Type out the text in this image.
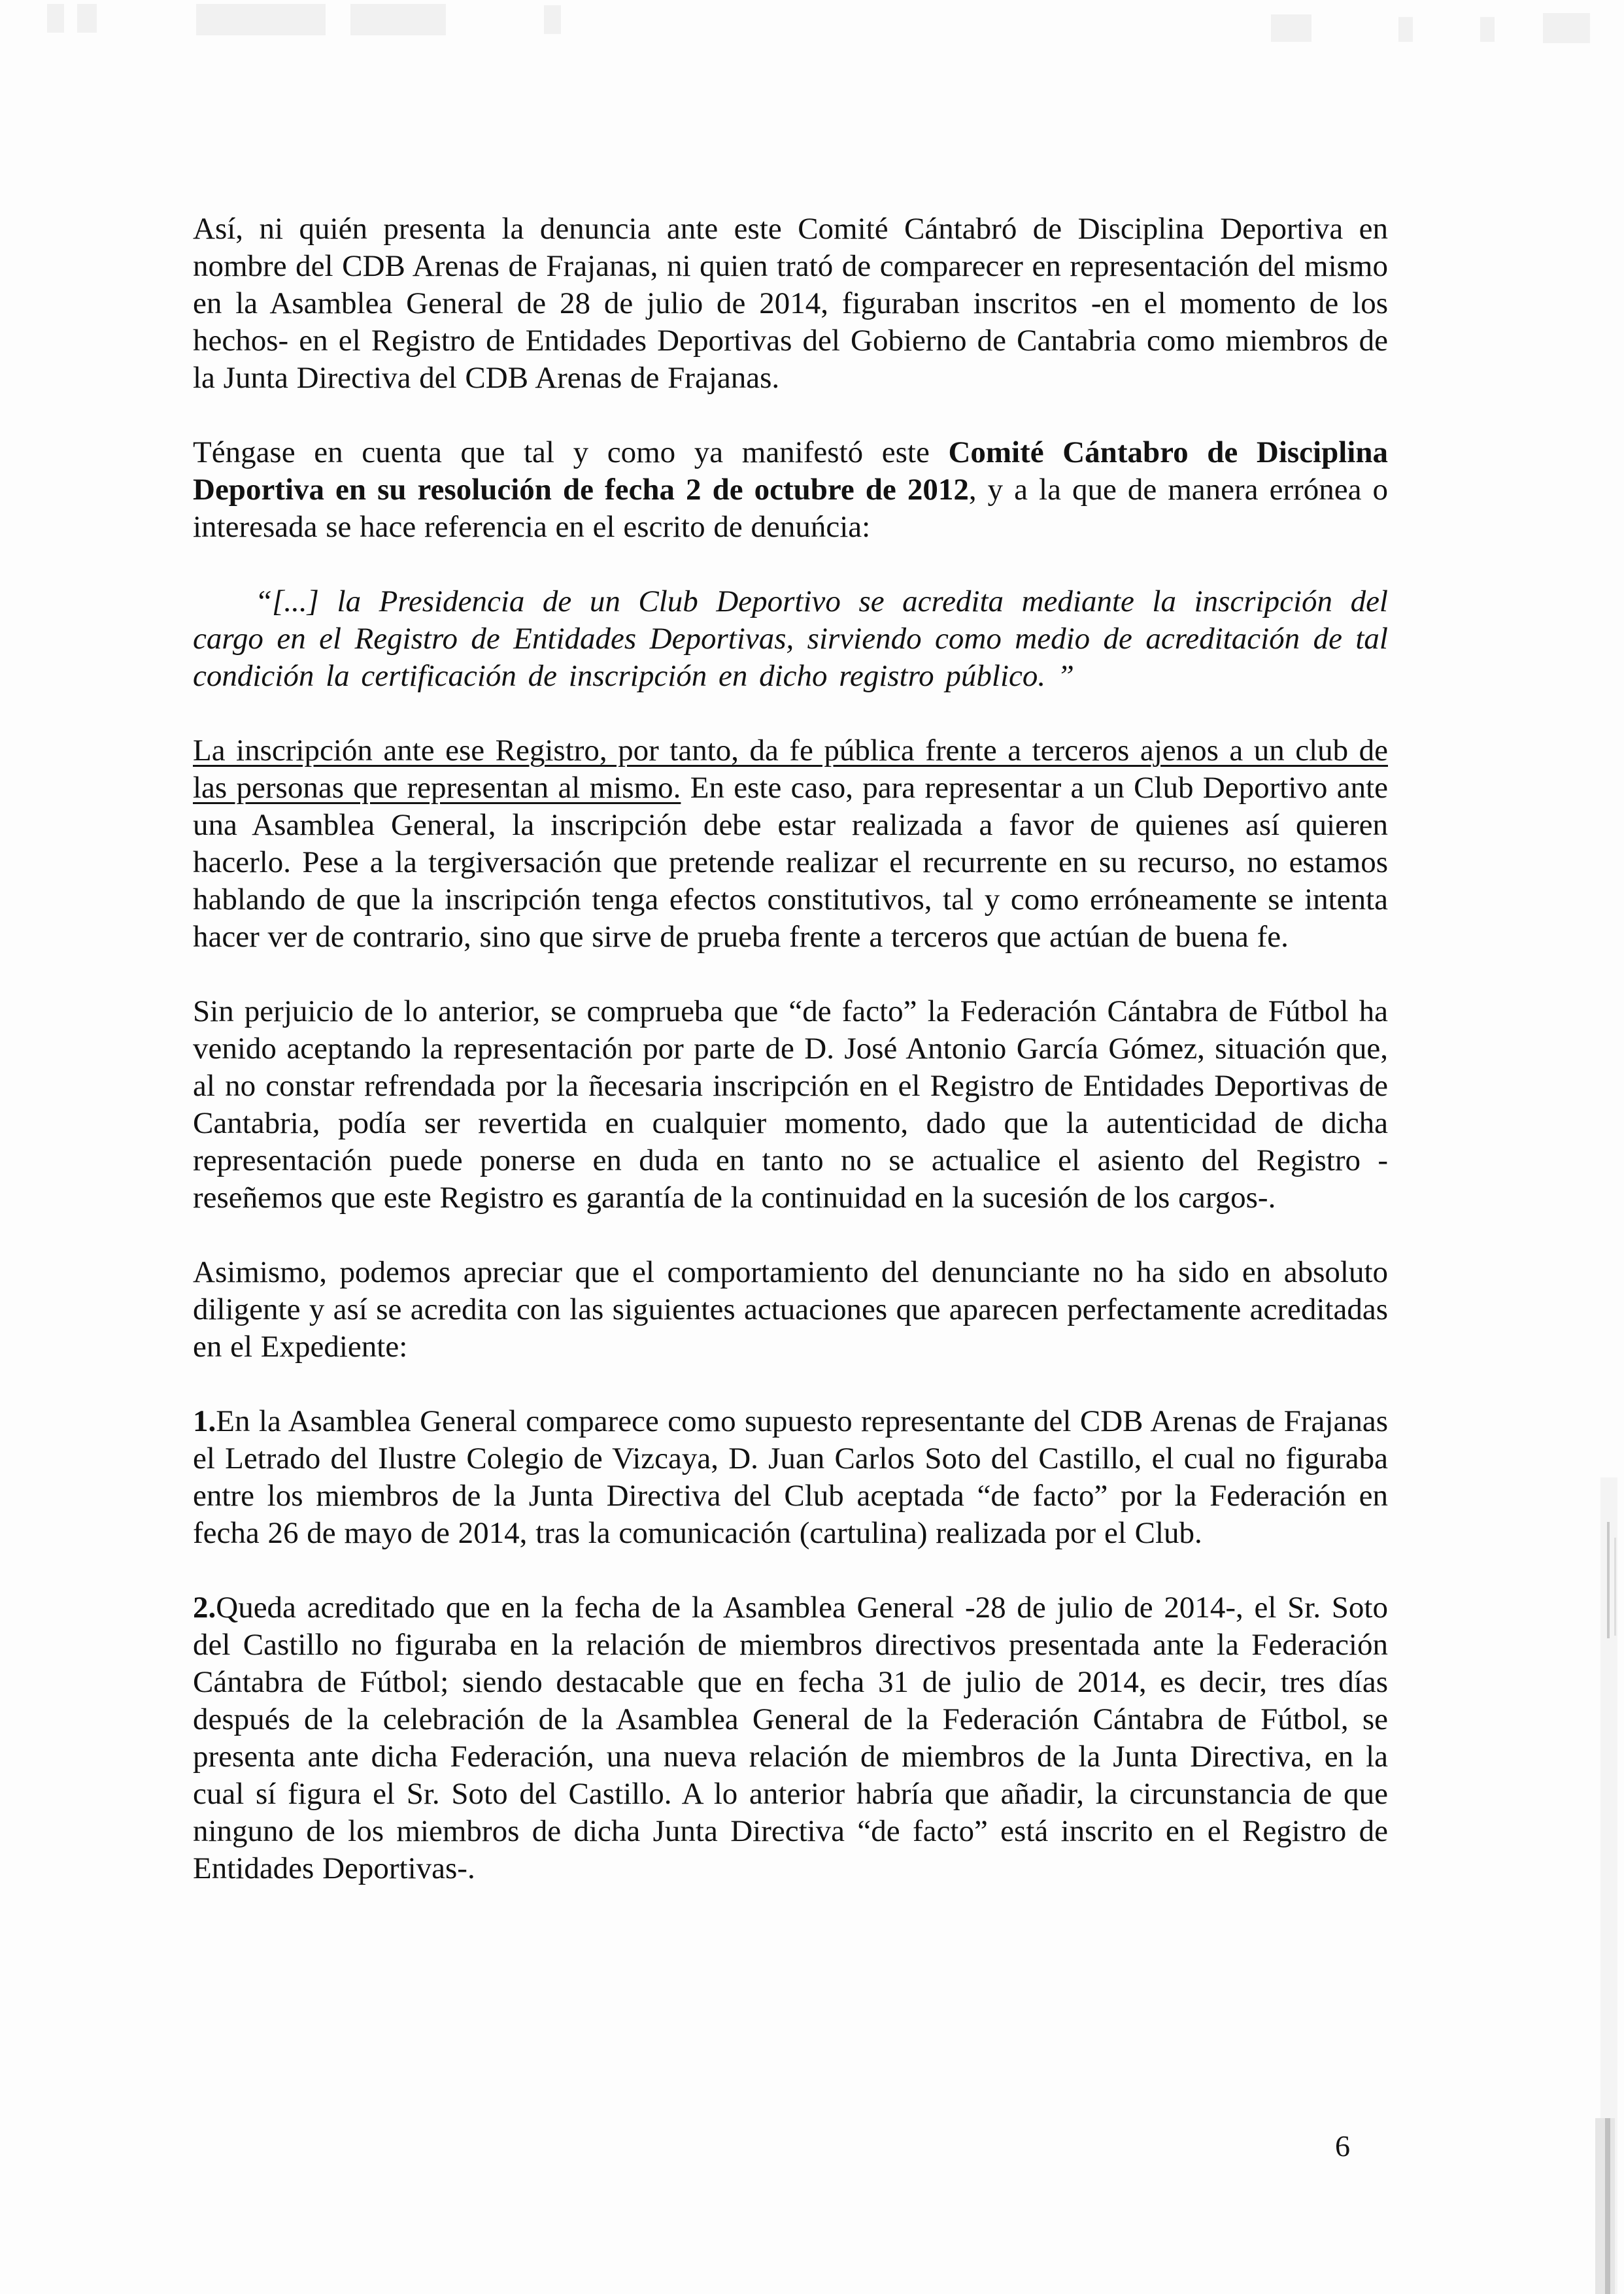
Así, ni quién presenta la denuncia ante este Comité Cántabró de Disciplina Deportiva en nombre del CDB Arenas de Frajanas, ni quien trató de comparecer en representación del mismo en la Asamblea General de 28 de julio de 2014, figuraban inscritos -en el momento de los hechos- en el Registro de Entidades Deportivas del Gobierno de Cantabria como miembros de la Junta Directiva del CDB Arenas de Frajanas.

Téngase en cuenta que tal y como ya manifestó este Comité Cántabro de Disciplina Deportiva en su resolución de fecha 2 de octubre de 2012, y a la que de manera errónea o interesada se hace referencia en el escrito de denuńcia:

“[...] la Presidencia de un Club Deportivo se acredita mediante la inscripción del cargo en el Registro de Entidades Deportivas, sirviendo como medio de acreditación de tal condición la certificación de inscripción en dicho registro público. ”

La inscripción ante ese Registro, por tanto, da fe pública frente a terceros ajenos a un club de las personas que representan al mismo. En este caso, para representar a un Club Deportivo ante una Asamblea General, la inscripción debe estar realizada a favor de quienes así quieren hacerlo. Pese a la tergiversación que pretende realizar el recurrente en su recurso, no estamos hablando de que la inscripción tenga efectos constitutivos, tal y como erróneamente se intenta hacer ver de contrario, sino que sirve de prueba frente a terceros que actúan de buena fe.

Sin perjuicio de lo anterior, se comprueba que “de facto” la Federación Cántabra de Fútbol ha venido aceptando la representación por parte de D. José Antonio García Gómez, situación que, al no constar refrendada por la ñecesaria inscripción en el Registro de Entidades Deportivas de Cantabria, podía ser revertida en cualquier momento, dado que la autenticidad de dicha representación puede ponerse en duda en tanto no se actualice el asiento del Registro -reseñemos que este Registro es garantía de la continuidad en la sucesión de los cargos-.

Asimismo, podemos apreciar que el comportamiento del denunciante no ha sido en absoluto diligente y así se acredita con las siguientes actuaciones que aparecen perfectamente acreditadas en el Expediente:

1.En la Asamblea General comparece como supuesto representante del CDB Arenas de Frajanas el Letrado del Ilustre Colegio de Vizcaya, D. Juan Carlos Soto del Castillo, el cual no figuraba entre los miembros de la Junta Directiva del Club aceptada “de facto” por la Federación en fecha 26 de mayo de 2014, tras la comunicación (cartulina) realizada por el Club.

2.Queda acreditado que en la fecha de la Asamblea General -28 de julio de 2014-, el Sr. Soto del Castillo no figuraba en la relación de miembros directivos presentada ante la Federación Cántabra de Fútbol; siendo destacable que en fecha 31 de julio de 2014, es decir, tres días después de la celebración de la Asamblea General de la Federación Cántabra de Fútbol, se presenta ante dicha Federación, una nueva relación de miembros de la Junta Directiva, en la cual sí figura el Sr. Soto del Castillo. A lo anterior habría que añadir, la circunstancia de que ninguno de los miembros de dicha Junta Directiva “de facto” está inscrito en el Registro de Entidades Deportivas-.

6
